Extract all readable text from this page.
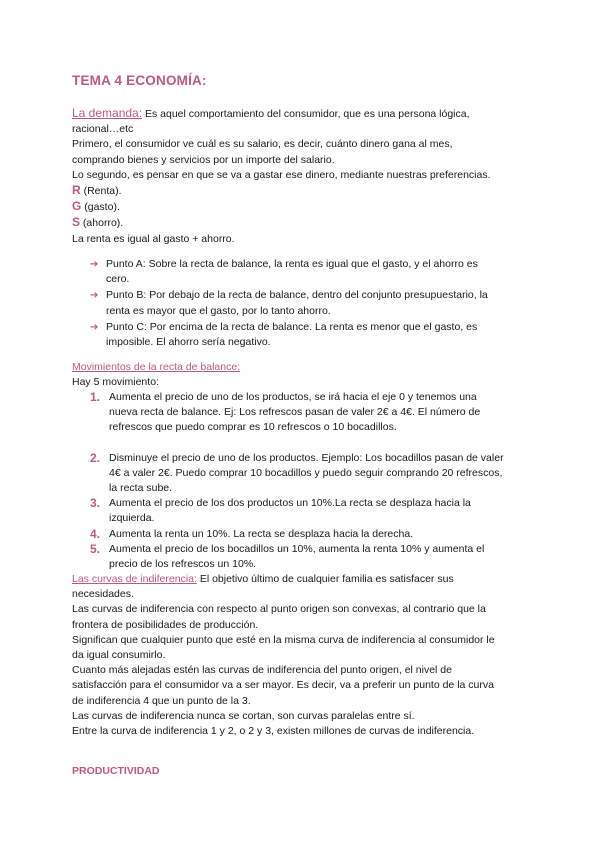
TEMA 4 ECONOMÍA:
La demanda: Es aquel comportamiento del consumidor, que es una persona lógica,
racional…etc
Primero, el consumidor ve cuál es su salario, es decir, cuánto dinero gana al mes,
comprando bienes y servicios por un importe del salario.
Lo segundo, es pensar en que se va a gastar ese dinero, mediante nuestras preferencias.
R (Renta).
G (gasto).
S (ahorro).
La renta es igual al gasto + ahorro.
➔ Punto A: Sobre la recta de balance, la renta es igual que el gasto, y el ahorro es
cero.
➔ Punto B: Por debajo de la recta de balance, dentro del conjunto presupuestario, la
renta es mayor que el gasto, por lo tanto ahorro.
➔ Punto C: Por encima de la recta de balance. La renta es menor que el gasto, es
imposible. El ahorro sería negativo.
Movimientos de la recta de balance:
Hay 5 movimiento:
1. Aumenta el precio de uno de los productos, se irá hacia el eje 0 y tenemos una
nueva recta de balance. Ej: Los refrescos pasan de valer 2€ a 4€. El número de
refrescos que puedo comprar es 10 refrescos o 10 bocadillos.
2. Disminuye el precio de uno de los productos. Ejemplo: Los bocadillos pasan de valer
4€ a valer 2€. Puedo comprar 10 bocadillos y puedo seguir comprando 20 refrescos,
la recta sube.
3. Aumenta el precio de los dos productos un 10%.La recta se desplaza hacia la
izquierda.
4. Aumenta la renta un 10%. La recta se desplaza hacia la derecha.
5. Aumenta el precio de los bocadillos un 10%, aumenta la renta 10% y aumenta el
precio de los refrescos un 10%.
Las curvas de indiferencia: El objetivo último de cualquier familia es satisfacer sus
necesidades.
Las curvas de indiferencia con respecto al punto origen son convexas, al contrario que la
frontera de posibilidades de producción.
Significan que cualquier punto que esté en la misma curva de indiferencia al consumidor le
da igual consumirlo.
Cuanto más alejadas estén las curvas de indiferencia del punto origen, el nivel de
satisfacción para el consumidor va a ser mayor. Es decir, va a preferir un punto de la curva
de indiferencia 4 que un punto de la 3.
Las curvas de indiferencia nunca se cortan, son curvas paralelas entre sí.
Entre la curva de indiferencia 1 y 2, o 2 y 3, existen millones de curvas de indiferencia.
PRODUCTIVIDAD
